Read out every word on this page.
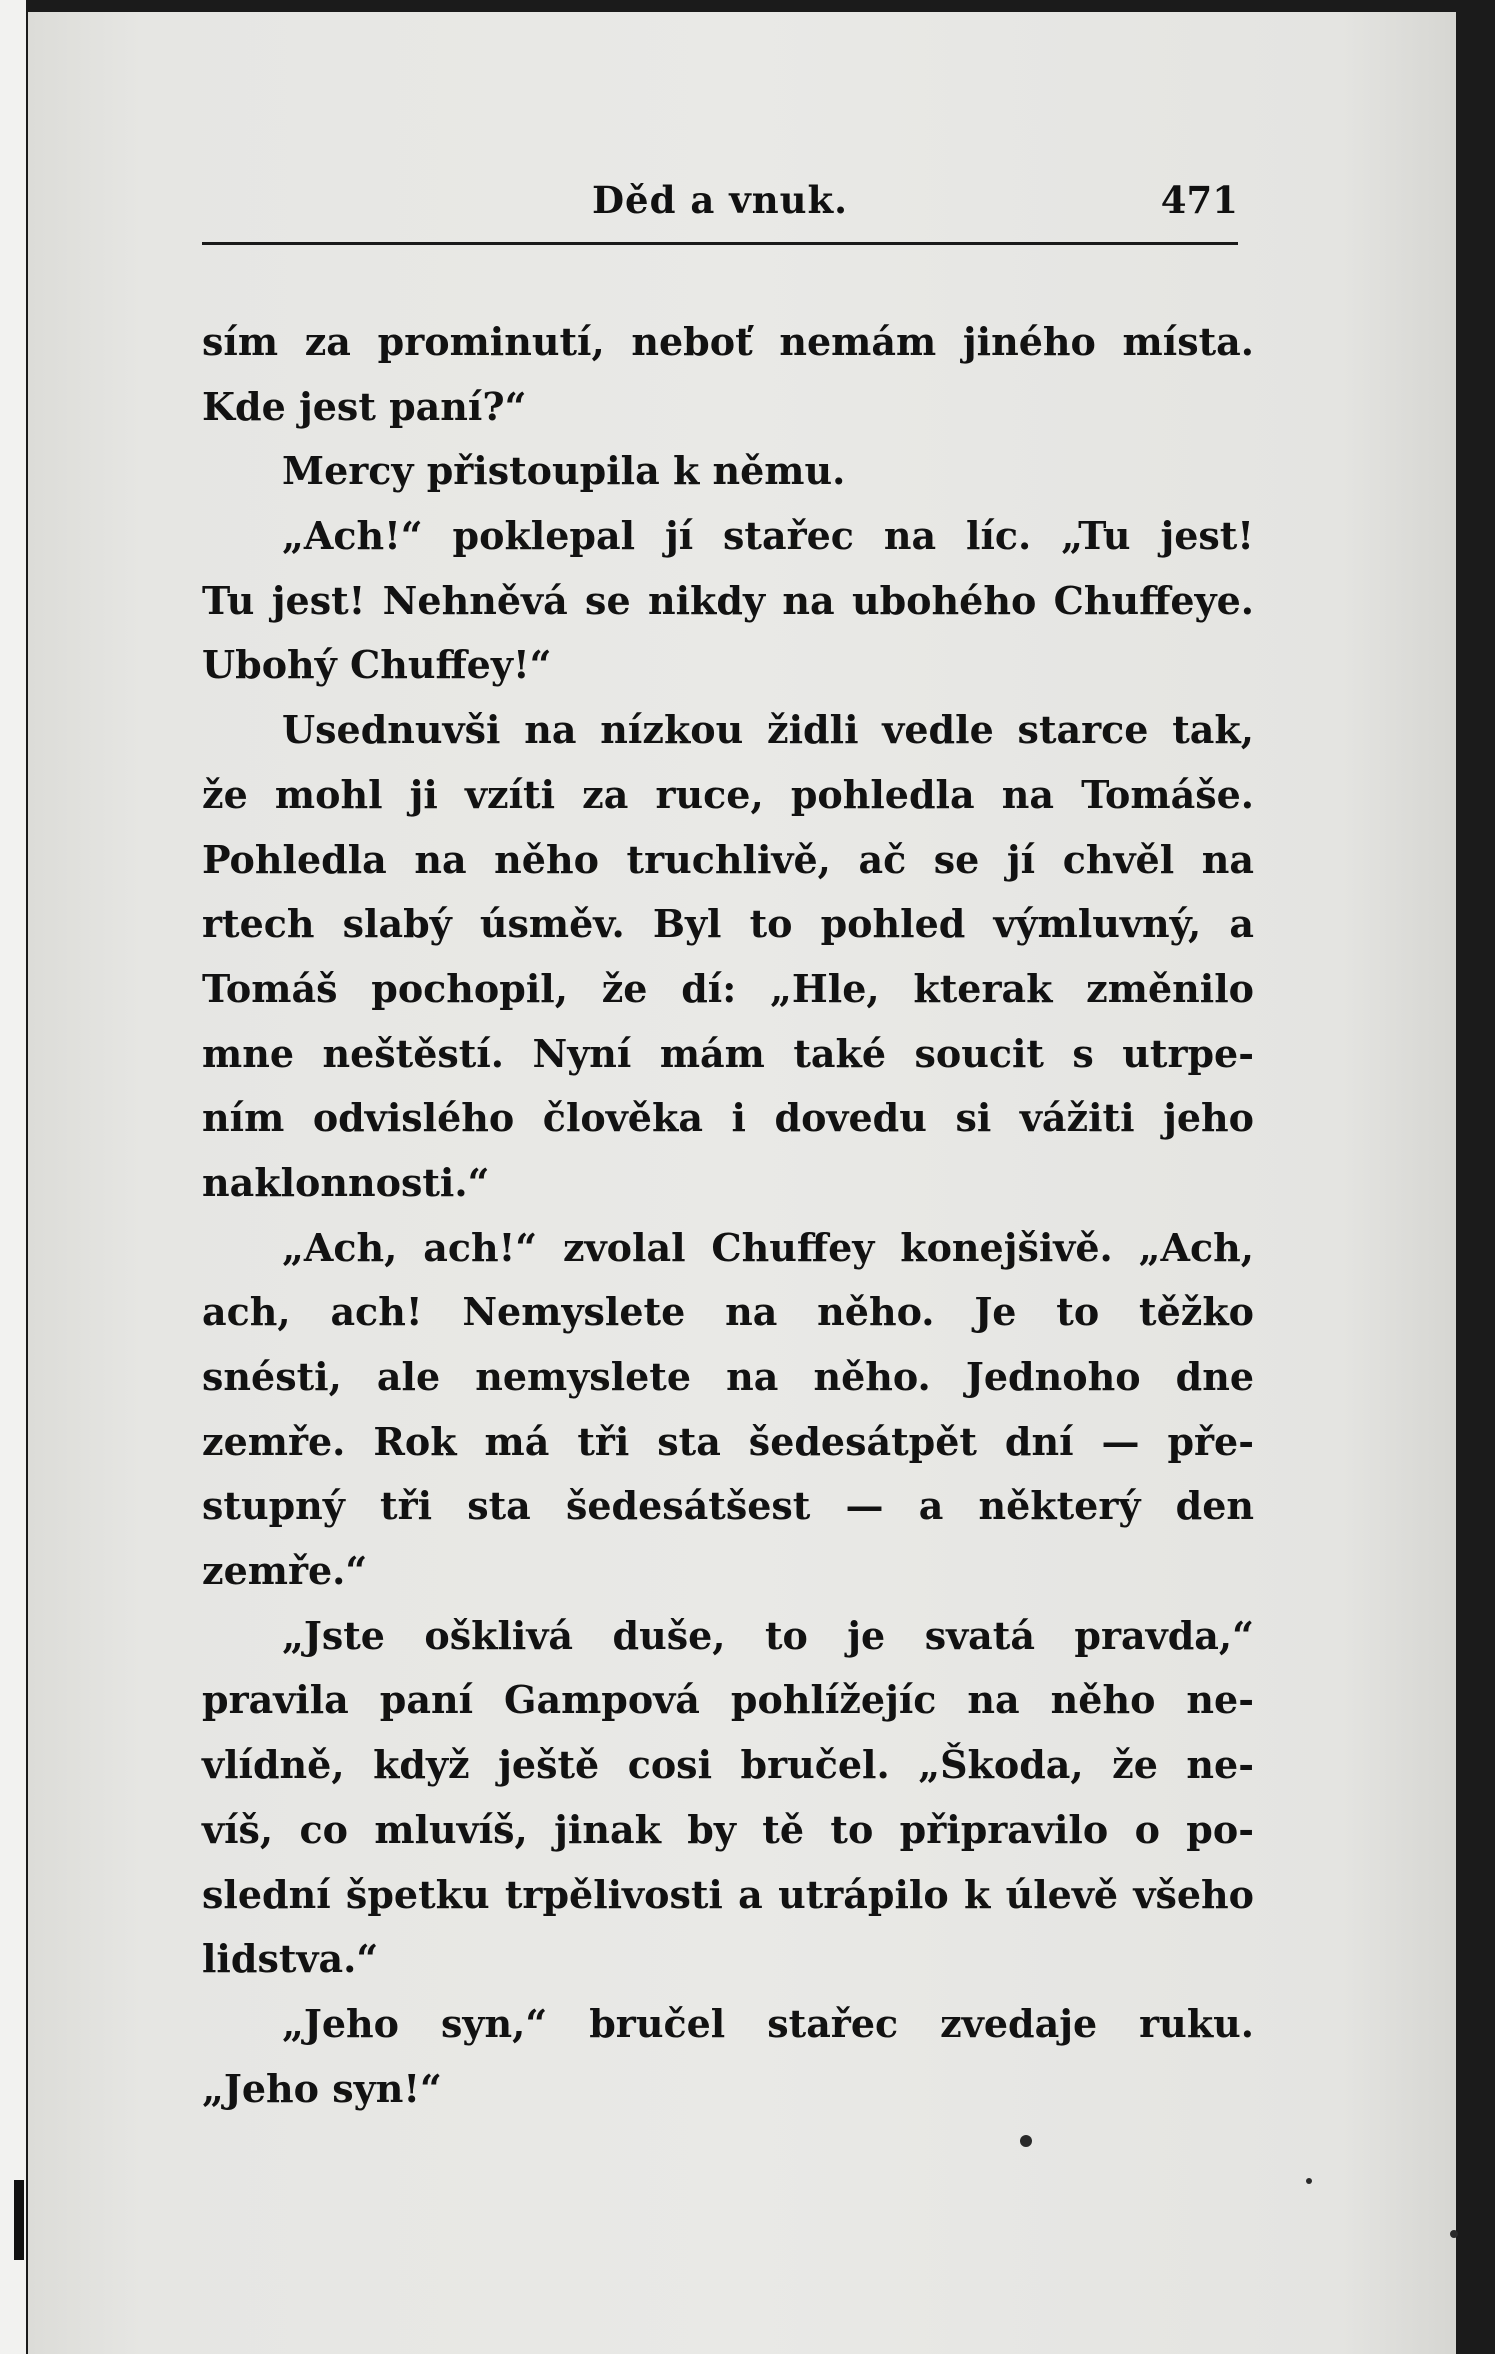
Děd a vnuk.	471
sím za prominutí, neboť nemám jiného místa.
Kde jest paní?“
Mercy přistoupila k němu.
„Ach!“ poklepal jí stařec na líc. „Tu jest!
Tu jest! Nehněvá se nikdy na ubohého Chuffeye.
Ubohý Chuffey!“
Usednuvši na nízkou židli vedle starce tak,
že mohl ji vzíti za ruce, pohledla na Tomáše.
Pohledla na něho truchlivě, ač se jí chvěl na
rtech slabý úsměv. Byl to pohled výmluvný, a
Tomáš pochopil, že dí: „Hle, kterak změnilo
mne neštěstí. Nyní mám také soucit s utrpe-
ním odvislého člověka i dovedu si vážiti jeho
naklonnosti.“
„Ach, ach!“ zvolal Chuffey konejšivě. „Ach,
ach, ach! Nemyslete na něho. Je to těžko
snésti, ale nemyslete na něho. Jednoho dne
zemře. Rok má tři sta šedesátpět dní — pře-
stupný tři sta šedesátšest — a některý den
zemře.“
„Jste ošklivá duše, to je svatá pravda,“
pravila paní Gampová pohlížejíc na něho ne-
vlídně, když ještě cosi bručel. „Škoda, že ne-
víš, co mluvíš, jinak by tě to připravilo o po-
slední špetku trpělivosti a utrápilo k úlevě všeho
lidstva.“
„Jeho syn,“ bručel stařec zvedaje ruku.
„Jeho syn!“
